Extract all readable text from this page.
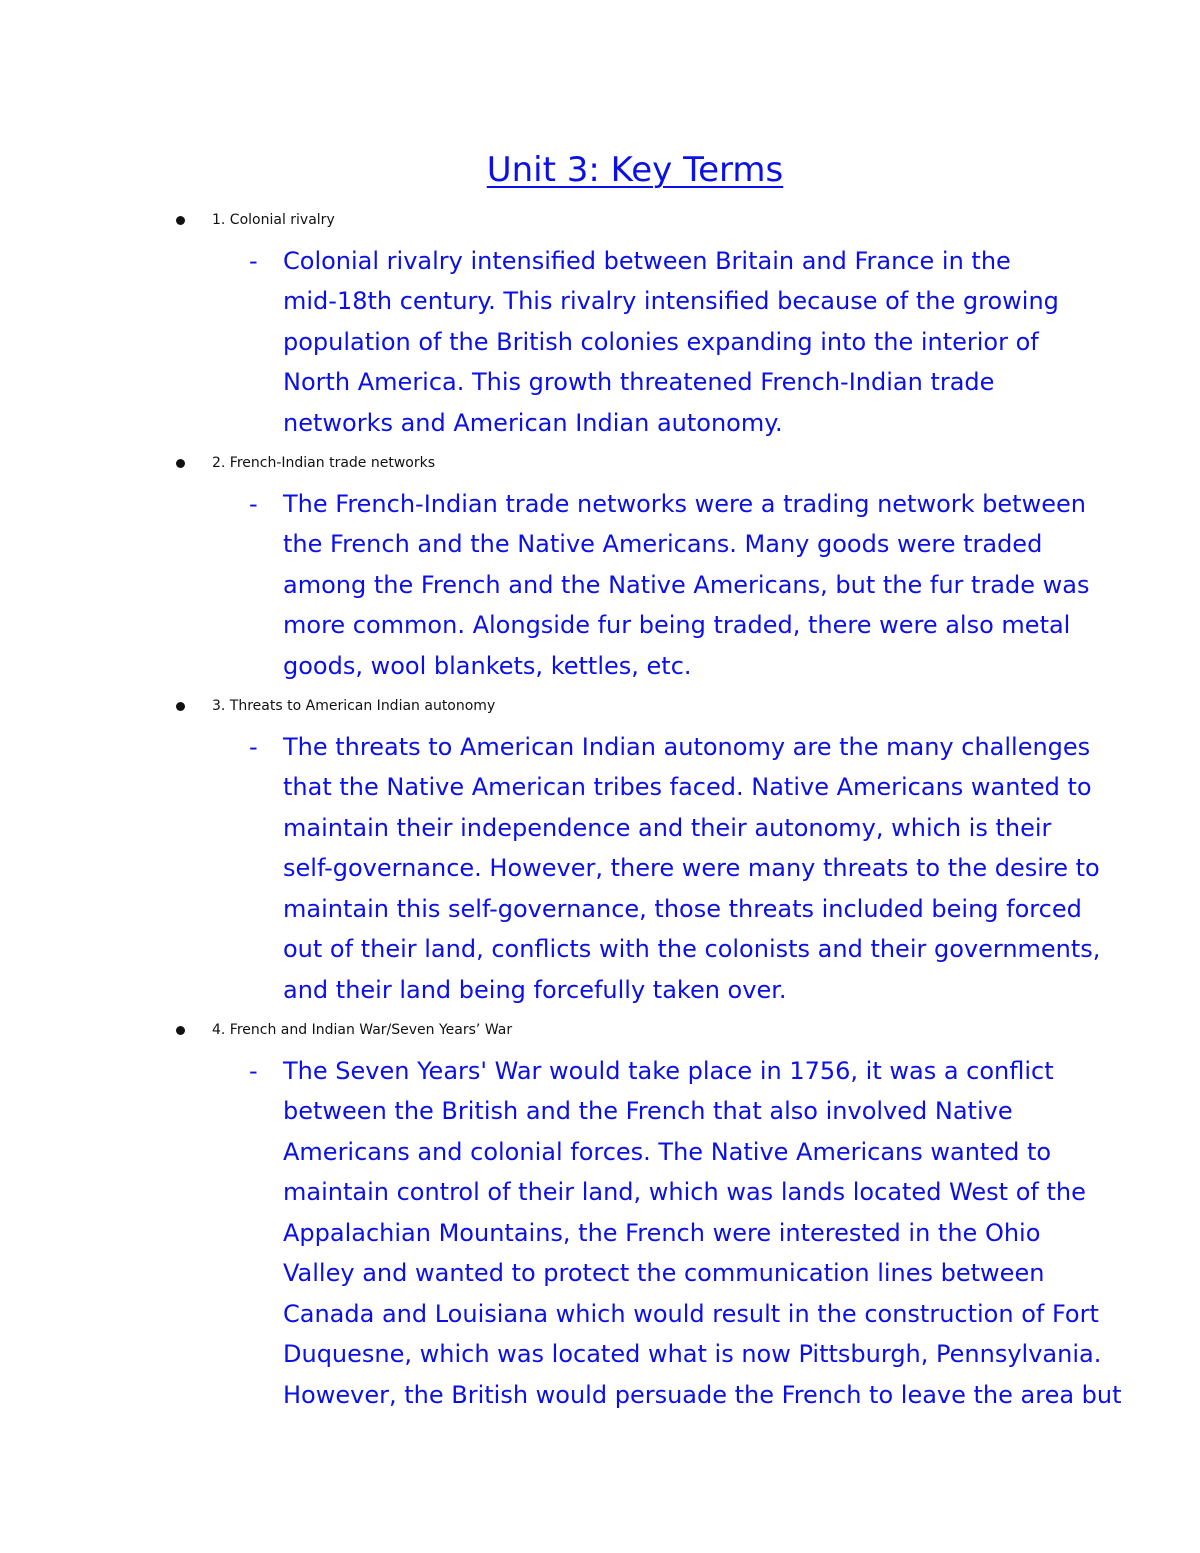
Unit 3: Key Terms
1. Colonial rivalry
- Colonial rivalry intensified between Britain and France in the
mid-18th century. This rivalry intensified because of the growing
population of the British colonies expanding into the interior of
North America. This growth threatened French-Indian trade
networks and American Indian autonomy.
2. French-Indian trade networks
- The French-Indian trade networks were a trading network between
the French and the Native Americans. Many goods were traded
among the French and the Native Americans, but the fur trade was
more common. Alongside fur being traded, there were also metal
goods, wool blankets, kettles, etc.
3. Threats to American Indian autonomy
- The threats to American Indian autonomy are the many challenges
that the Native American tribes faced. Native Americans wanted to
maintain their independence and their autonomy, which is their
self-governance. However, there were many threats to the desire to
maintain this self-governance, those threats included being forced
out of their land, conflicts with the colonists and their governments,
and their land being forcefully taken over.
4. French and Indian War/Seven Years’ War
- The Seven Years' War would take place in 1756, it was a conflict
between the British and the French that also involved Native
Americans and colonial forces. The Native Americans wanted to
maintain control of their land, which was lands located West of the
Appalachian Mountains, the French were interested in the Ohio
Valley and wanted to protect the communication lines between
Canada and Louisiana which would result in the construction of Fort
Duquesne, which was located what is now Pittsburgh, Pennsylvania.
However, the British would persuade the French to leave the area but
